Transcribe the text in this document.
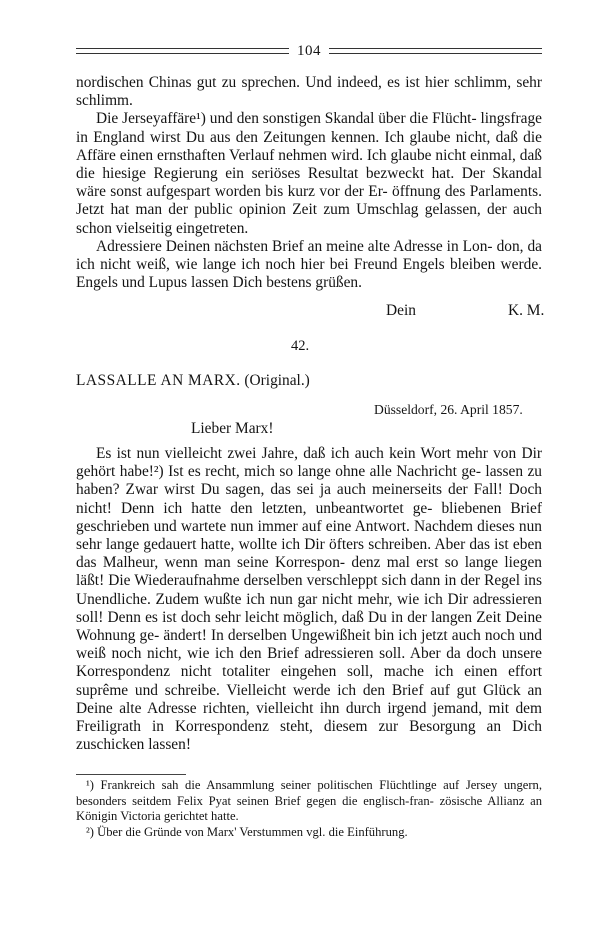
104

nordischen Chinas gut zu sprechen. Und indeed, es ist hier schlimm, sehr schlimm.

Die Jerseyaffäre¹) und den sonstigen Skandal über die Flücht- lingsfrage in England wirst Du aus den Zeitungen kennen. Ich glaube nicht, daß die Affäre einen ernsthaften Verlauf nehmen wird. Ich glaube nicht einmal, daß die hiesige Regierung ein seriöses Resultat bezweckt hat. Der Skandal wäre sonst aufgespart worden bis kurz vor der Er- öffnung des Parlaments. Jetzt hat man der public opinion Zeit zum Umschlag gelassen, der auch schon vielseitig eingetreten.

Adressiere Deinen nächsten Brief an meine alte Adresse in Lon- don, da ich nicht weiß, wie lange ich noch hier bei Freund Engels bleiben werde. Engels und Lupus lassen Dich bestens grüßen.

Dein	K. M.
42.
LASSALLE AN MARX. (Original.)
Düsseldorf, 26. April 1857.
Lieber Marx!

Es ist nun vielleicht zwei Jahre, daß ich auch kein Wort mehr von Dir gehört habe!²) Ist es recht, mich so lange ohne alle Nachricht ge- lassen zu haben? Zwar wirst Du sagen, das sei ja auch meinerseits der Fall! Doch nicht! Denn ich hatte den letzten, unbeantwortet ge- bliebenen Brief geschrieben und wartete nun immer auf eine Antwort. Nachdem dieses nun sehr lange gedauert hatte, wollte ich Dir öfters schreiben. Aber das ist eben das Malheur, wenn man seine Korrespon- denz mal erst so lange liegen läßt! Die Wiederaufnahme derselben verschleppt sich dann in der Regel ins Unendliche. Zudem wußte ich nun gar nicht mehr, wie ich Dir adressieren soll! Denn es ist doch sehr leicht möglich, daß Du in der langen Zeit Deine Wohnung ge- ändert! In derselben Ungewißheit bin ich jetzt auch noch und weiß noch nicht, wie ich den Brief adressieren soll. Aber da doch unsere Korrespondenz nicht totaliter eingehen soll, mache ich einen effort suprême und schreibe. Vielleicht werde ich den Brief auf gut Glück an Deine alte Adresse richten, vielleicht ihn durch irgend jemand, mit dem Freiligrath in Korrespondenz steht, diesem zur Besorgung an Dich zuschicken lassen!

¹) Frankreich sah die Ansammlung seiner politischen Flüchtlinge auf Jersey ungern, besonders seitdem Felix Pyat seinen Brief gegen die englisch-fran- zösische Allianz an Königin Victoria gerichtet hatte.

²) Über die Gründe von Marx' Verstummen vgl. die Einführung.
